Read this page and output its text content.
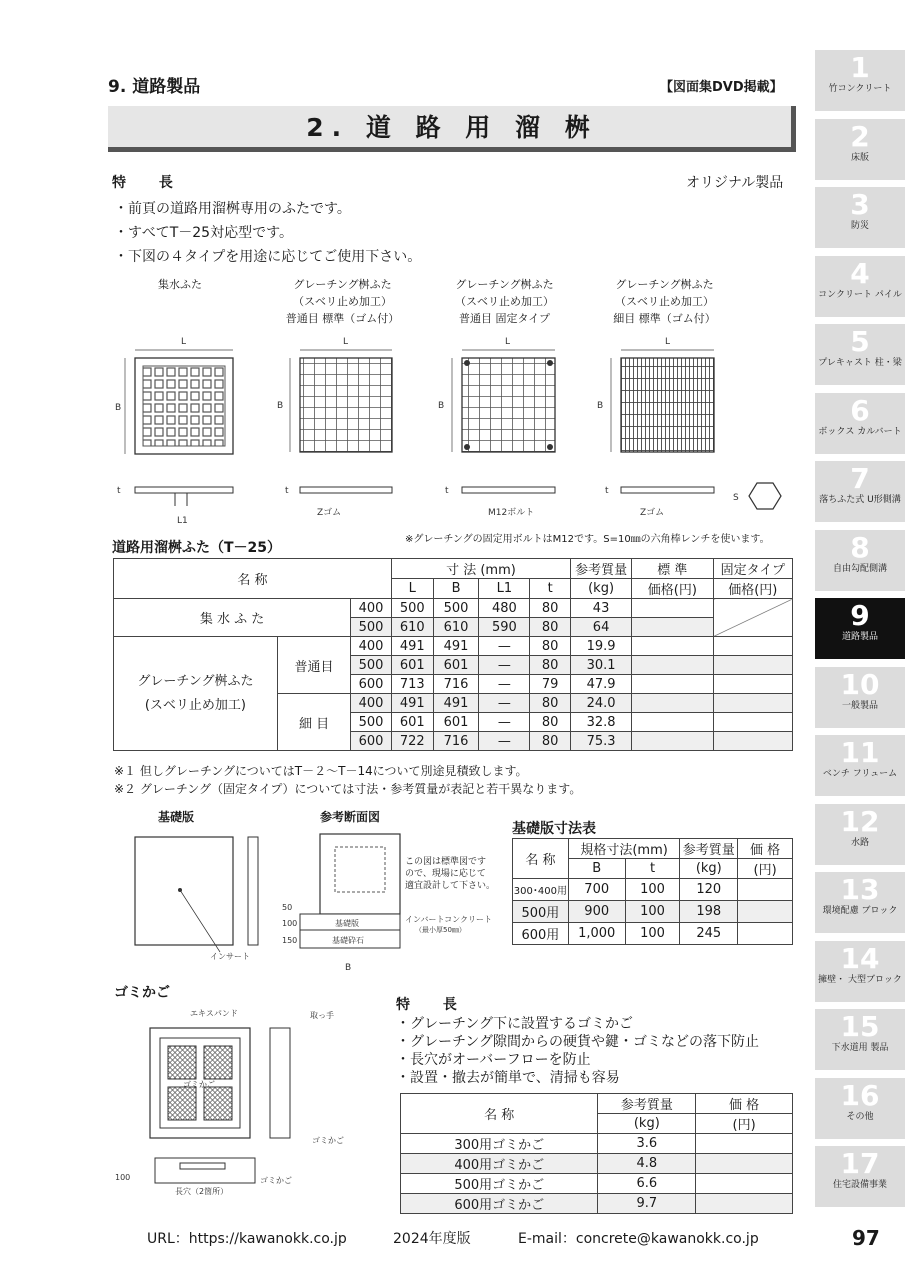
9. 道路製品	【図面集DVD掲載】
2. 道 路 用 溜 桝
特 長	オリジナル製品
・前頁の道路用溜桝専用のふたです。
・すべてT－25対応型です。
・下図の４タイプを用途に応じてご使用下さい。
集水ふた	グレーチング桝ふた
（スベリ止め加工）
普通目 標準（ゴム付）
グレーチング桝ふた
（スベリ止め加工）
普通目 固定タイプ
グレーチング桝ふた
（スベリ止め加工）
細目 標準（ゴム付）
L
B
L1
t
L
B
t
Zゴム
L
B
t
M12ボルト
L
B
t
Zゴム
S
※グレーチングの固定用ボルトはM12です。S=10㎜の六角棒レンチを使います。
道路用溜桝ふた（T－25）
名 称			寸 法 (mm)				参考質量	標 準	固定タイプ
			L	B	L1	t	(kg)	価格(円)	価格(円)
集 水 ふ た		400	500	500	480	80	43		
		500	610	610	590	80	64		

グレーチング桝ふた
(スベリ止め加工)	普通目	400	491	491	—	80	19.9		
		500	601	601	—	80	30.1		
		600	713	716	—	79	47.9		
	細 目	400	491	491	—	80	24.0		
		500	601	601	—	80	32.8		
		600	722	716	—	80	75.3		
※１ 但しグレーチングについてはT－２～T－14について別途見積致します。
※２ グレーチング（固定タイプ）については寸法・参考質量が表記と若干異なります。
基礎版	参考断面図
インサート
基礎版
基礎砕石
100
150
50
B
インバートコンクリート
（最小厚50㎜）
この図は標準図です
ので、現場に応じて
適宜設計して下さい。
基礎版寸法表
名 称	規格寸法(mm)		参考質量	価 格
	B	t	(kg)	(円)
300･400用	700	100	120	
500用	900	100	198	
600用	1,000	100	245	
ゴミかご
ゴミかご
エキスパンド	取っ手
100
長穴（2箇所）
ゴミかご
ゴミかご
特 長
・グレーチング下に設置するゴミかご
・グレーチング隙間からの硬貨や鍵・ゴミなどの落下防止
・長穴がオーバーフローを防止
・設置・撤去が簡単で、清掃も容易
名 称	参考質量	価 格
	(kg)	(円)
300用ゴミかご	3.6	
400用ゴミかご	4.8	
500用ゴミかご	6.6	
600用ゴミかご	9.7	
1
竹コンクリート
2
床版
3
防災
4
コンクリート パイル
5
プレキャスト 柱・梁
6
ボックス カルバート
7
落ちふた式 U形側溝
8
自由勾配側溝
9
道路製品
10
一般製品
11
ベンチ フリューム
12
水路
13
環境配慮 ブロック
14
擁壁・ 大型ブロック
15
下水道用 製品
16
その他
17
住宅設備事業
URL：https://kawanokk.co.jp	2024年度版	E-mail：concrete@kawanokk.co.jp	97
